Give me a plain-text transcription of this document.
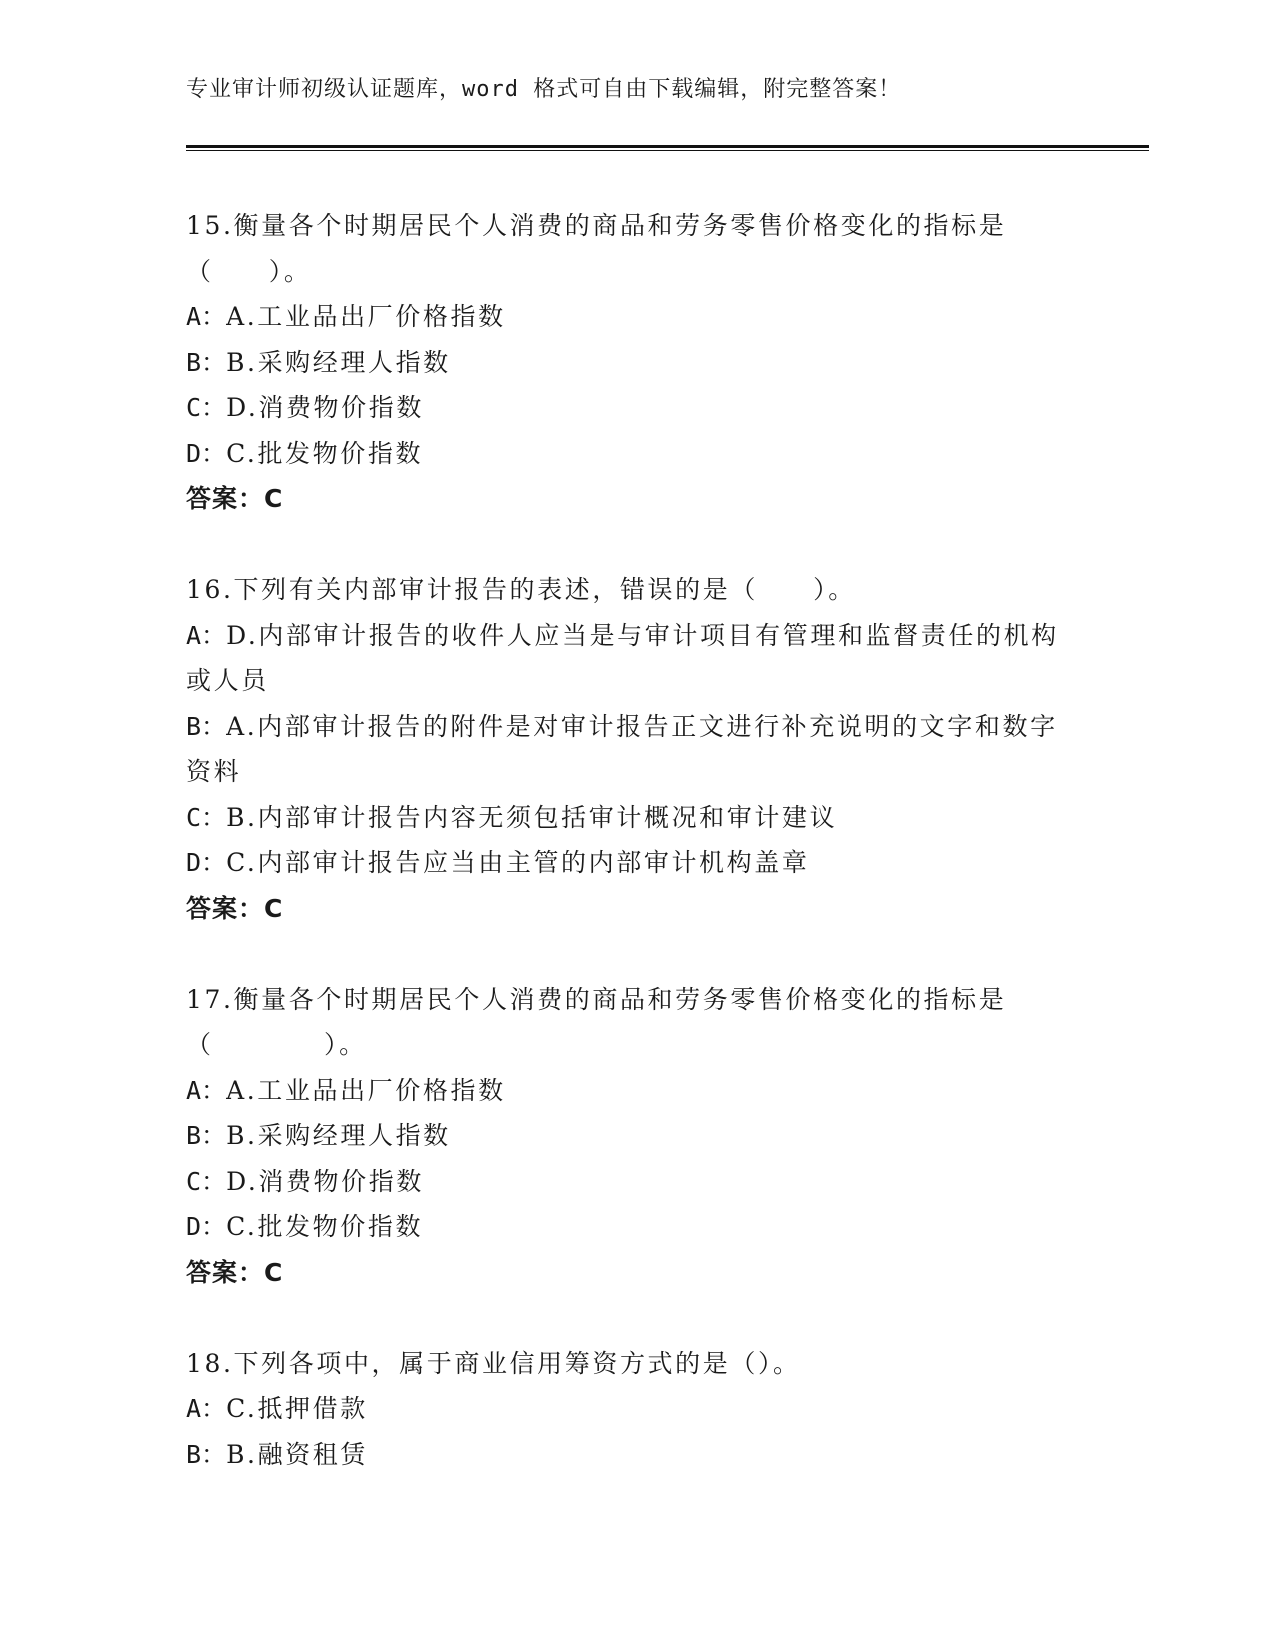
专业审计师初级认证题库，word 格式可自由下载编辑，附完整答案！

15.衡量各个时期居民个人消费的商品和劳务零售价格变化的指标是（　　）。

A：A.工业品出厂价格指数

B：B.采购经理人指数

C：D.消费物价指数

D：C.批发物价指数

答案：C

16.下列有关内部审计报告的表述，错误的是（　　）。

A：D.内部审计报告的收件人应当是与审计项目有管理和监督责任的机构或人员

B：A.内部审计报告的附件是对审计报告正文进行补充说明的文字和数字资料

C：B.内部审计报告内容无须包括审计概况和审计建议

D：C.内部审计报告应当由主管的内部审计机构盖章

答案：C

17.衡量各个时期居民个人消费的商品和劳务零售价格变化的指标是（　　　　）。

A：A.工业品出厂价格指数

B：B.采购经理人指数

C：D.消费物价指数

D：C.批发物价指数

答案：C

18.下列各项中，属于商业信用筹资方式的是（）。

A：C.抵押借款

B：B.融资租赁
